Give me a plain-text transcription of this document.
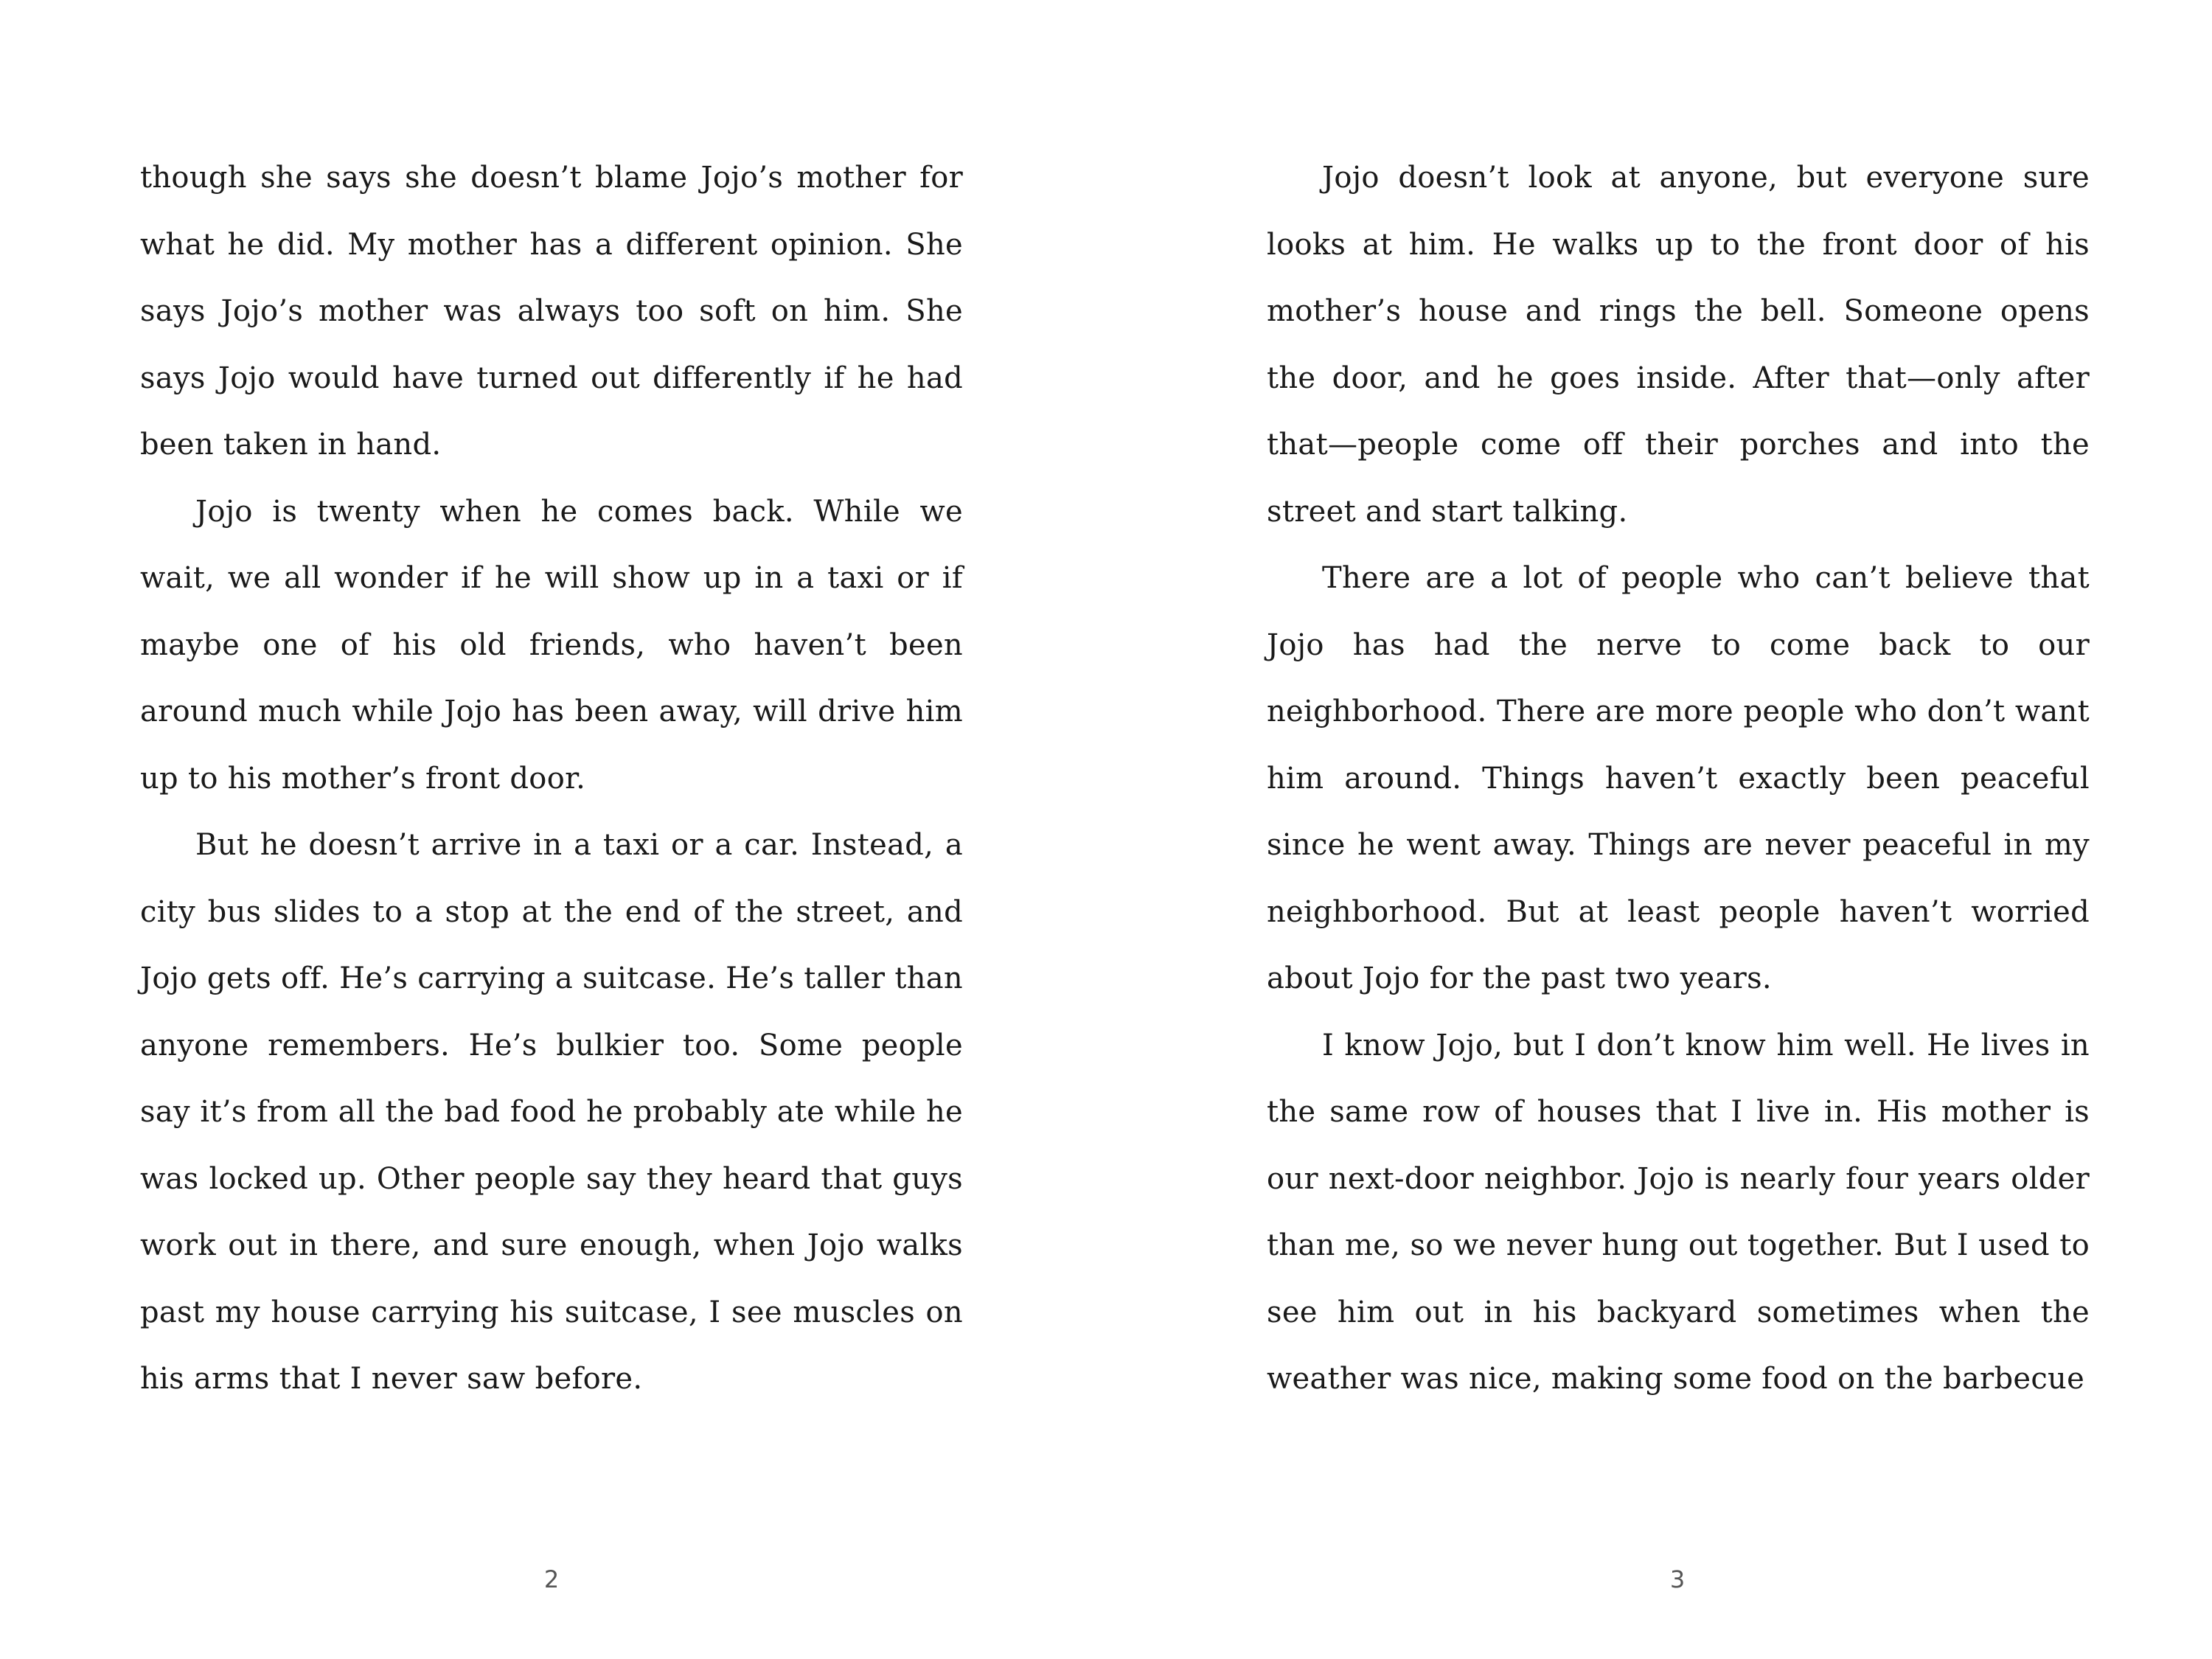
though she says she doesn’t blame Jojo’s mother for what he did. My mother has a different opinion. She says Jojo’s mother was always too soft on him. She says Jojo would have turned out differently if he had been taken in hand.

Jojo is twenty when he comes back. While we wait, we all wonder if he will show up in a taxi or if maybe one of his old friends, who haven’t been around much while Jojo has been away, will drive him up to his mother’s front door.

But he doesn’t arrive in a taxi or a car. Instead, a city bus slides to a stop at the end of the street, and Jojo gets off. He’s carrying a suitcase. He’s taller than anyone remembers. He’s bulkier too. Some people say it’s from all the bad food he probably ate while he was locked up. Other people say they heard that guys work out in there, and sure enough, when Jojo walks past my house carrying his suitcase, I see muscles on his arms that I never saw before.

2

Jojo doesn’t look at anyone, but everyone sure looks at him. He walks up to the front door of his mother’s house and rings the bell. Someone opens the door, and he goes inside. After that—only after that—people come off their porches and into the street and start talking.

There are a lot of people who can’t believe that Jojo has had the nerve to come back to our neighborhood. There are more people who don’t want him around. Things haven’t exactly been peaceful since he went away. Things are never peaceful in my neighborhood. But at least people haven’t worried about Jojo for the past two years.

I know Jojo, but I don’t know him well. He lives in the same row of houses that I live in. His mother is our next-door neighbor. Jojo is nearly four years older than me, so we never hung out together. But I used to see him out in his backyard sometimes when the weather was nice, making some food on the barbecue

3
